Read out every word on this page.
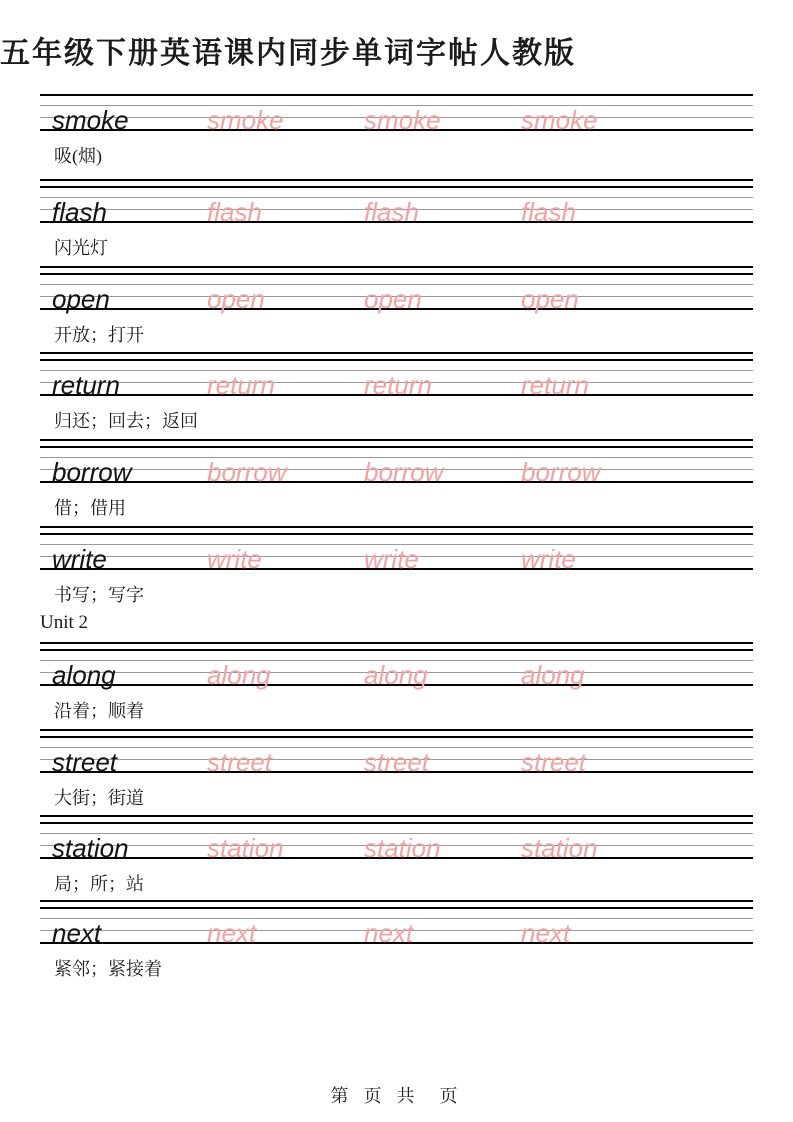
五年级下册英语课内同步单词字帖人教版
smoke	smoke	smoke	smoke
吸(烟)
flash	flash	flash	flash
闪光灯
open	open	open	open
开放；打开
return	return	return	return
归还；回去；返回
borrow	borrow	borrow	borrow
借；借用
write	write	write	write
书写；写字
Unit 2
along	along	along	along
沿着；顺着
street	street	street	street
大街；街道
station	station	station	station
局；所；站
next	next	next	next
紧邻；紧接着
第 页 共  页
